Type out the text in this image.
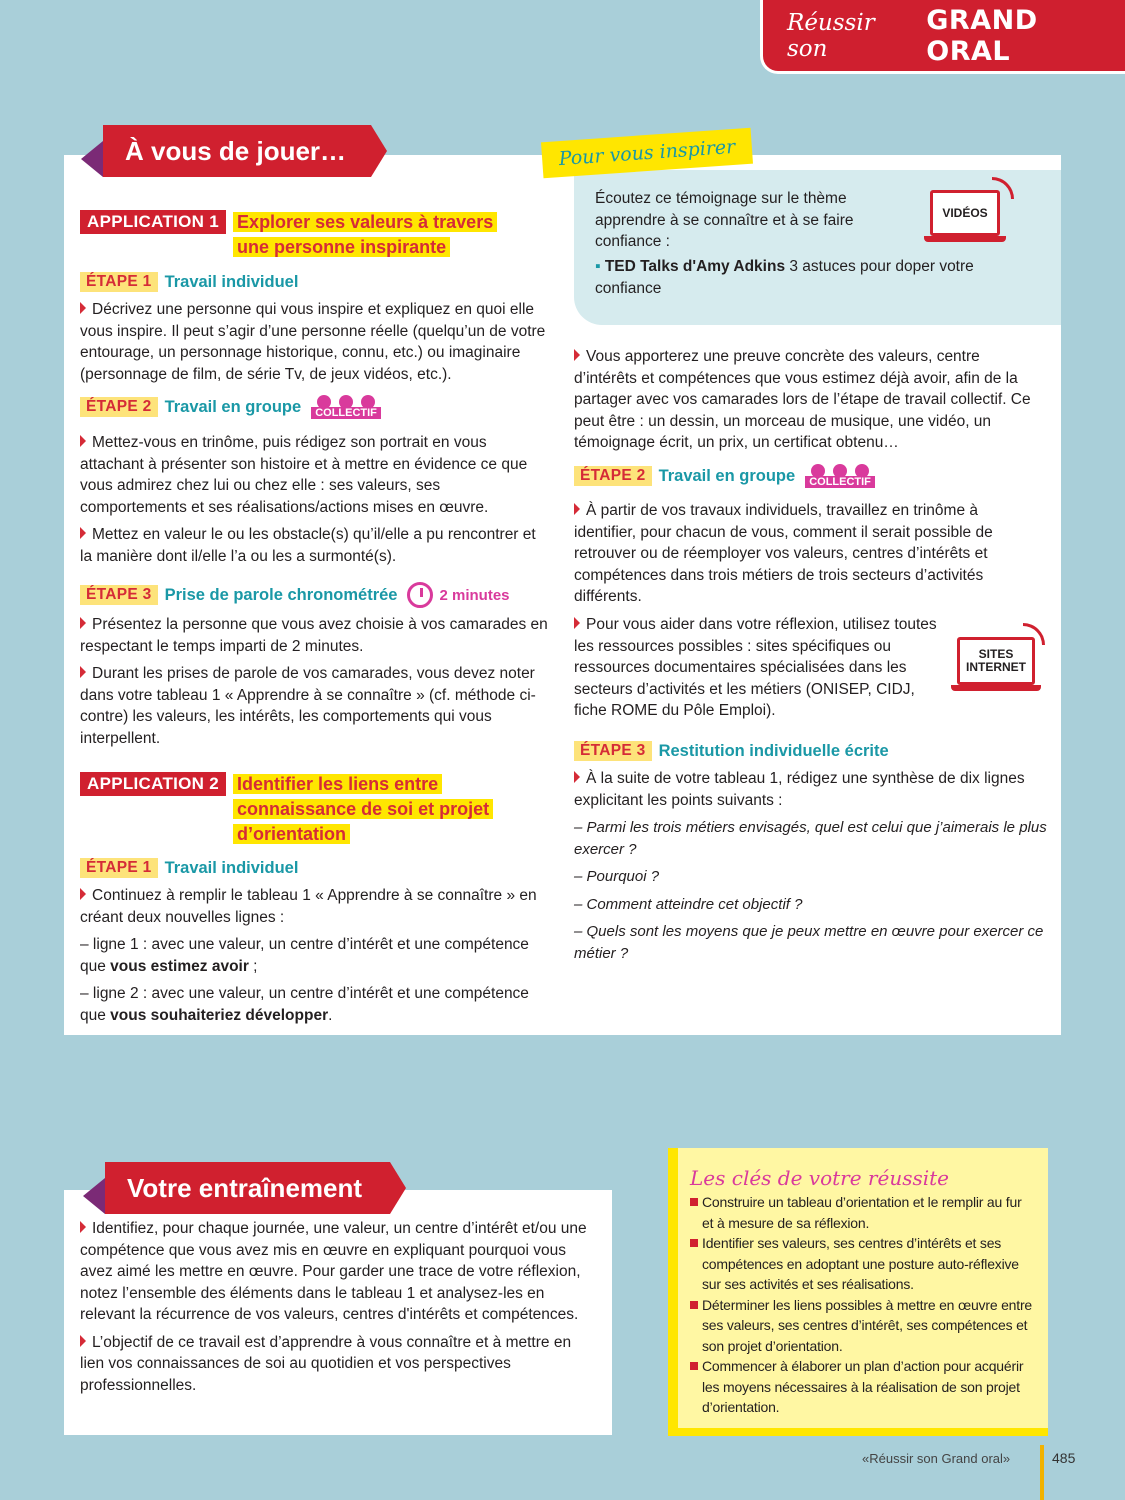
Réussir son
GRAND ORAL
À vous de jouer…
APPLICATION 1	Explorer ses valeurs à travers
une personne inspirante
ÉTAPE 1 Travail individuel

Décrivez une personne qui vous inspire et expliquez en quoi elle vous inspire. Il peut s’agir d’une personne réelle (quelqu’un de votre entourage, un personnage historique, connu, etc.) ou imaginaire (personnage de film, de série Tv, de jeux vidéos, etc.).

ÉTAPE 2 Travail en groupe	COLLECTIF

Mettez-vous en trinôme, puis rédigez son portrait en vous attachant à présenter son histoire et à mettre en évidence ce que vous admirez chez lui ou chez elle : ses valeurs, ses comportements et ses réalisations/actions mises en œuvre.

Mettez en valeur le ou les obstacle(s) qu’il/elle a pu rencontrer et la manière dont il/elle l’a ou les a surmonté(s).

ÉTAPE 3 Prise de parole chronométrée	2 minutes

Présentez la personne que vous avez choisie à vos camarades en respectant le temps imparti de 2 minutes.

Durant les prises de parole de vos camarades, vous devez noter dans votre tableau 1 « Apprendre à se connaître » (cf. méthode ci-contre) les valeurs, les intérêts, les comportements qui vous interpellent.

APPLICATION 2	Identifier les liens entre
connaissance de soi et projet
d’orientation
ÉTAPE 1 Travail individuel

Continuez à remplir le tableau 1 « Apprendre à se connaître » en créant deux nouvelles lignes :

– ligne 1 : avec une valeur, un centre d’intérêt et une compétence que vous estimez avoir ;

– ligne 2 : avec une valeur, un centre d’intérêt et une compétence que vous souhaiteriez développer.

Pour vous inspirer

Écoutez ce témoignage sur le thème apprendre à se connaître et à se faire confiance :

▪ TED Talks d'Amy Adkins 3 astuces pour doper votre confiance

VIDÉOS

Vous apporterez une preuve concrète des valeurs, centre d’intérêts et compétences que vous estimez déjà avoir, afin de la partager avec vos camarades lors de l’étape de travail collectif. Ce peut être : un dessin, un morceau de musique, une vidéo, un témoignage écrit, un prix, un certificat obtenu…

ÉTAPE 2 Travail en groupe	COLLECTIF

À partir de vos travaux individuels, travaillez en trinôme à identifier, pour chacun de vous, comment il serait possible de retrouver ou de réemployer vos valeurs, centres d’intérêts et compétences dans trois métiers de trois secteurs d’activités différents.

Pour vous aider dans votre réflexion, utilisez toutes les ressources possibles : sites spécifiques ou ressources documentaires spécialisées dans les secteurs d’activités et les métiers (ONISEP, CIDJ, fiche ROME du Pôle Emploi).

SITES
INTERNET
ÉTAPE 3 Restitution individuelle écrite

À la suite de votre tableau 1, rédigez une synthèse de dix lignes explicitant les points suivants :

– Parmi les trois métiers envisagés, quel est celui que j’aimerais le plus exercer ?

– Pourquoi ?

– Comment atteindre cet objectif ?

– Quels sont les moyens que je peux mettre en œuvre pour exercer ce métier ?

Votre entraînement

Identifiez, pour chaque journée, une valeur, un centre d’intérêt et/ou une compétence que vous avez mis en œuvre en expliquant pourquoi vous avez aimé les mettre en œuvre. Pour garder une trace de votre réflexion, notez l’ensemble des éléments dans le tableau 1 et analysez-les en relevant la récurrence de vos valeurs, centres d'intérêts et compétences.

L’objectif de ce travail est d’apprendre à vous connaître et à mettre en lien vos connaissances de soi au quotidien et vos perspectives professionnelles.

Les clés de votre réussite
Construire un tableau d’orientation et le remplir au fur et à mesure de sa réflexion.
Identifier ses valeurs, ses centres d’intérêts et ses compétences en adoptant une posture auto-réflexive sur ses activités et ses réalisations.
Déterminer les liens possibles à mettre en œuvre entre ses valeurs, ses centres d’intérêt, ses compétences et son projet d’orientation.
Commencer à élaborer un plan d’action pour acquérir les moyens nécessaires à la réalisation de son projet d’orientation.
«Réussir son Grand oral»	485
